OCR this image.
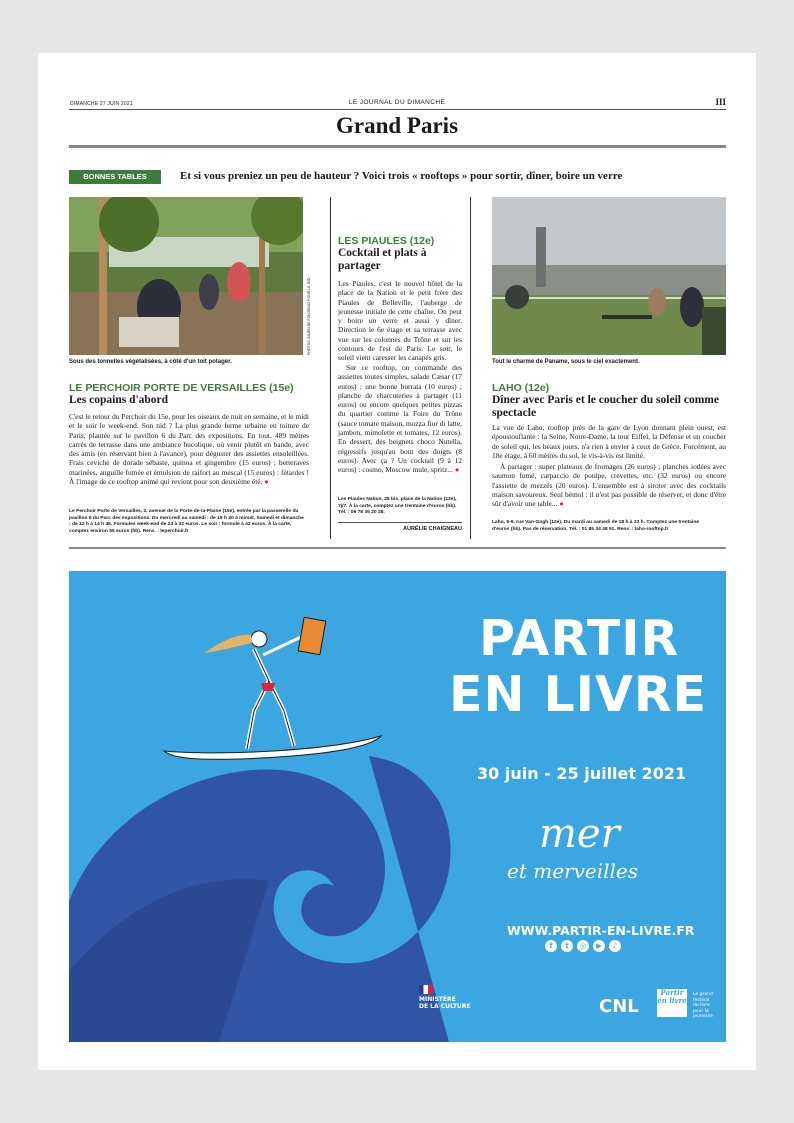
DIMANCHE 27 JUIN 2021	LE JOURNAL DU DIMANCHE	III
Grand Paris
BONNES TABLES	Et si vous preniez un peu de hauteur ? Voici trois « rooftops » pour sortir, dîner, boire un verre
Sous des tonnelles végétalisées, à côté d'un toit potager.
PHOTOS JULIEN DE FONTENAY POUR LE JDD
LE PERCHOIR PORTE DE VERSAILLES (15e)
Les copains d'abord
C'est le retour du Perchoir du 15e, pour les oiseaux de nuit en semaine, et le midi et le soir le week-end. Son nid ? La plus grande ferme urbaine en toiture de Paris, plantée sur le pavillon 6 du Parc des expositions. En tout, 489 mètres carrés de terrasse dans une ambiance bucolique, où venir plutôt en bande, avec des amis (en réservant bien à l'avance), pour déguster des assiettes ensoleillées. Frais ceviche de dorade sébaste, quinoa et gingembre (15 euros) ; betteraves marinées, anguille fumée et émulsion de raifort au mescal (15 euros) : fétardes ! À l'image de ce rooftop animé qui revient pour son deuxième été. ●
Le Perchoir Porte de Versailles, 2, avenue de la Porte-de-la-Plaine (15e), entrée par la passerelle du pavillon 6 du Parc des expositions. Du mercredi au samedi : de 19 h 30 à minuit. Samedi et dimanche : de 12 h à 14 h 45. Formules week-end de 24 à 32 euros. Le soir : formule à 42 euros. À la carte, comptez environ 55 euros (hb). Rens. : leperchoir.fr
LES PIAULES (12e)
Cocktail et plats à partager
Les Piaules, c'est le nouvel hôtel de la place de la Nation et le petit frère des Piaules de Belleville, l'auberge de jeunesse initiale de cette chaîne. On peut y boire un verre et aussi y dîner. Direction le 6e étage et sa terrasse avec vue sur les colonnes du Trône et sur les contours de l'est de Paris. Le soir, le soleil vient caresser les canapés gris.
Sur ce rooftop, on commande des assiettes toutes simples, salade Cæsar (17 euros) ; une bonne burrata (10 euros) ; planche de charcuteries à partager (11 euros) ou encore quelques petites pizzas du quartier comme la Foire du Trône (sauce tomate maison, mozza fior di latte, jambon, mimolette et tomates, 12 euros). En dessert, des beignets choco Nutella, régressifs jusqu'au bout des doigts (8 euros). Avec ça ? Un cocktail (9 à 12 euros) : cosmo, Moscow mule, spritz... ●
Les Piaules Nation, 28 bis, place de la Nation (12e), 7j/7. À la carte, comptez une trentaine d'euros (hb). Tél. : 09 78 36 20 28.
AURÉLIE CHAIGNEAU
Tout le charme de Paname, sous le ciel exactement.
LAHO (12e)
Dîner avec Paris et le coucher du soleil comme spectacle
La vue de Laho, rooftop près de la gare de Lyon donnant plein ouest, est époustouflante : la Seine, Notre-Dame, la tour Eiffel, la Défense et un coucher de soleil qui, les beaux jours, n'a rien à envier à ceux de Grèce. Forcément, au 18e étage, à 60 mètres du sol, le vis-à-vis est limité.
À partager : super plateaux de fromages (26 euros) ; planches iodées avec saumon fumé, carpaccio de poulpe, crevettes, etc. (32 euros) ou encore l'assiette de mezzés (20 euros). L'ensemble est à siroter avec des cocktails maison savoureux. Seul bémol : il n'est pas possible de réserver, et donc d'être sûr d'avoir une table... ●
Laho, 5-9, rue Van-Gogh (12e). Du mardi au samedi de 18 h à 23 h. Comptez une trentaine d'euros (hb). Pas de réservation. Tél. : 01 85 34 48 91. Rens. : laho-rooftop.fr
PARTIR
EN LIVRE
30 juin - 25 juillet 2021
mer
et merveilles
WWW.PARTIR-EN-LIVRE.FR
f	t	◎	▶	♪
MINISTÈRE
DE LA CULTURE	CNL
Partir en livre
Le grand
festival
du livre
pour la
jeunesse
